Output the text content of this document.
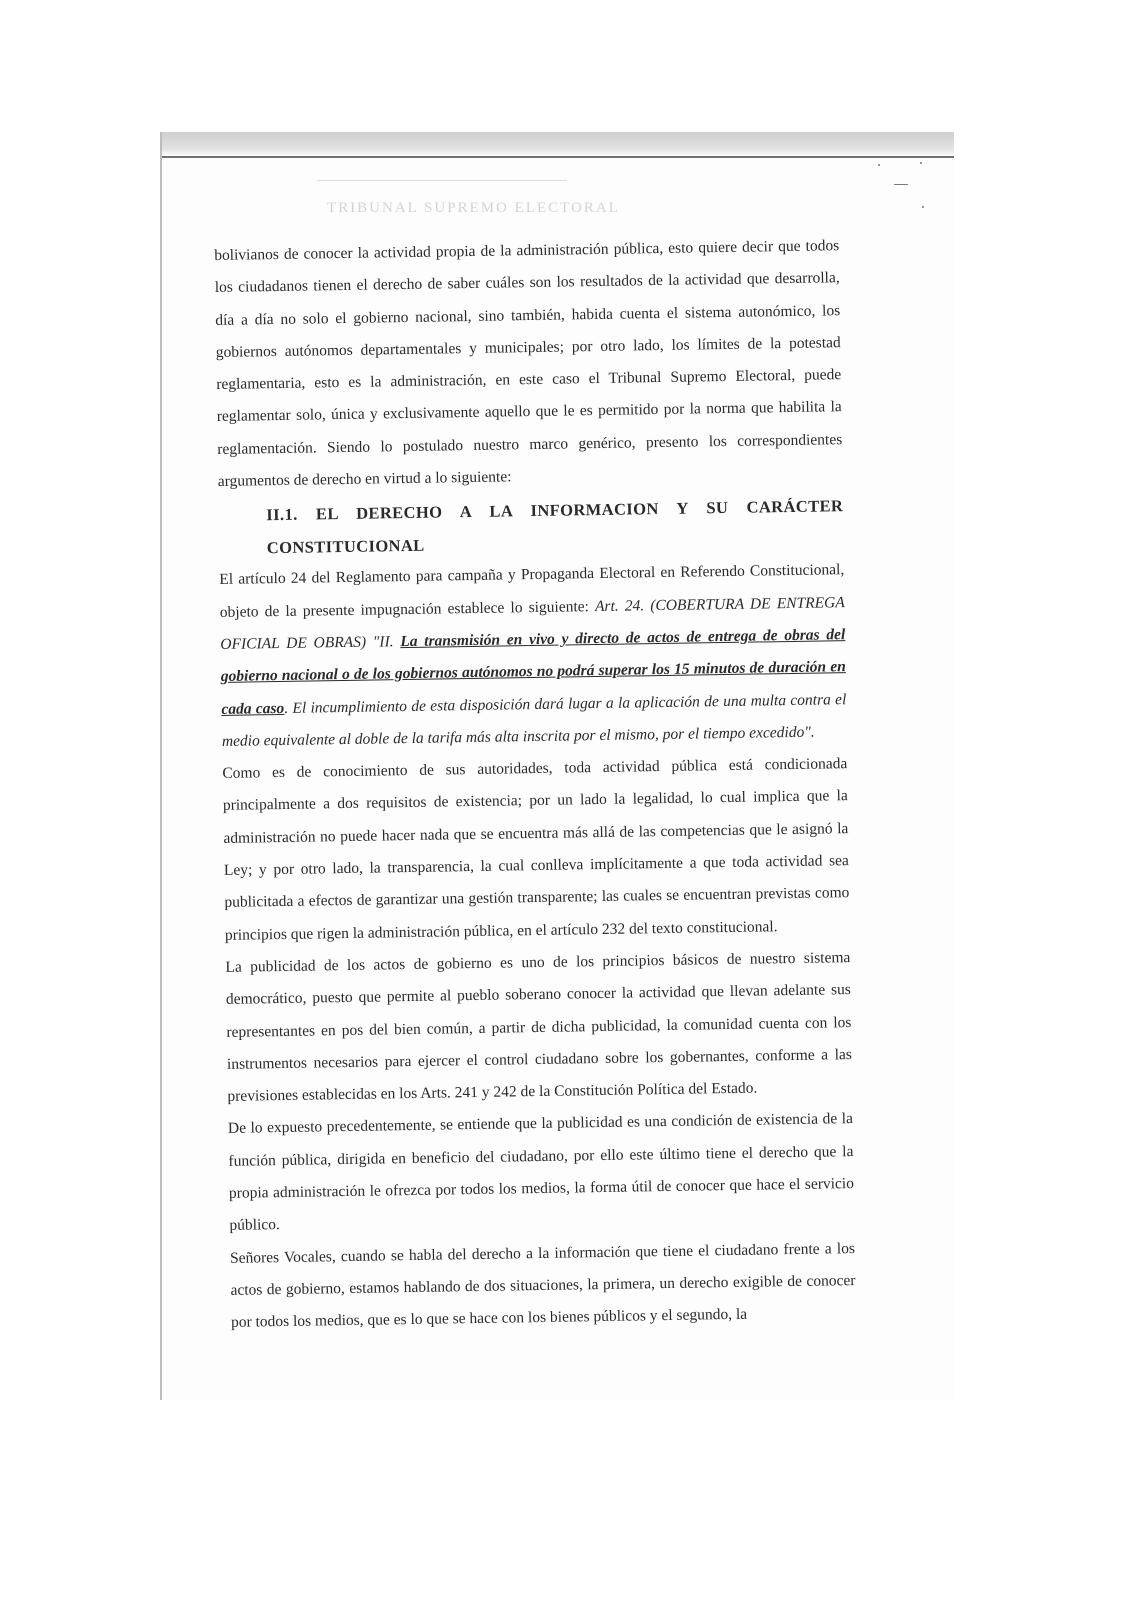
TRIBUNAL SUPREMO ELECTORAL

bolivianos de conocer la actividad propia de la administración pública, esto quiere decir que todos los ciudadanos tienen el derecho de saber cuáles son los resultados de la actividad que desarrolla, día a día no solo el gobierno nacional, sino también, habida cuenta el sistema autonómico, los gobiernos autónomos departamentales y municipales; por otro lado, los límites de la potestad reglamentaria, esto es la administración, en este caso el Tribunal Supremo Electoral, puede reglamentar solo, única y exclusivamente aquello que le es permitido por la norma que habilita la reglamentación. Siendo lo postulado nuestro marco genérico, presento los correspondientes argumentos de derecho en virtud a lo siguiente:

II.1. EL DERECHO A LA INFORMACION Y SU CARÁCTER
CONSTITUCIONAL

El artículo 24 del Reglamento para campaña y Propaganda Electoral en Referendo Constitucional, objeto de la presente impugnación establece lo siguiente: Art. 24. (COBERTURA DE ENTREGA OFICIAL DE OBRAS) "II. La transmisión en vivo y directo de actos de entrega de obras del gobierno nacional o de los gobiernos autónomos no podrá superar los 15 minutos de duración en cada caso. El incumplimiento de esta disposición dará lugar a la aplicación de una multa contra el medio equivalente al doble de la tarifa más alta inscrita por el mismo, por el tiempo excedido".

Como es de conocimiento de sus autoridades, toda actividad pública está condicionada principalmente a dos requisitos de existencia; por un lado la legalidad, lo cual implica que la administración no puede hacer nada que se encuentra más allá de las competencias que le asignó la Ley; y por otro lado, la transparencia, la cual conlleva implícitamente a que toda actividad sea publicitada a efectos de garantizar una gestión transparente; las cuales se encuentran previstas como principios que rigen la administración pública, en el artículo 232 del texto constitucional.

La publicidad de los actos de gobierno es uno de los principios básicos de nuestro sistema democrático, puesto que permite al pueblo soberano conocer la actividad que llevan adelante sus representantes en pos del bien común, a partir de dicha publicidad, la comunidad cuenta con los instrumentos necesarios para ejercer el control ciudadano sobre los gobernantes, conforme a las previsiones establecidas en los Arts. 241 y 242 de la Constitución Política del Estado.

De lo expuesto precedentemente, se entiende que la publicidad es una condición de existencia de la función pública, dirigida en beneficio del ciudadano, por ello este último tiene el derecho que la propia administración le ofrezca por todos los medios, la forma útil de conocer que hace el servicio público.

Señores Vocales, cuando se habla del derecho a la información que tiene el ciudadano frente a los actos de gobierno, estamos hablando de dos situaciones, la primera, un derecho exigible de conocer por todos los medios, que es lo que se hace con los bienes públicos y el segundo, la
